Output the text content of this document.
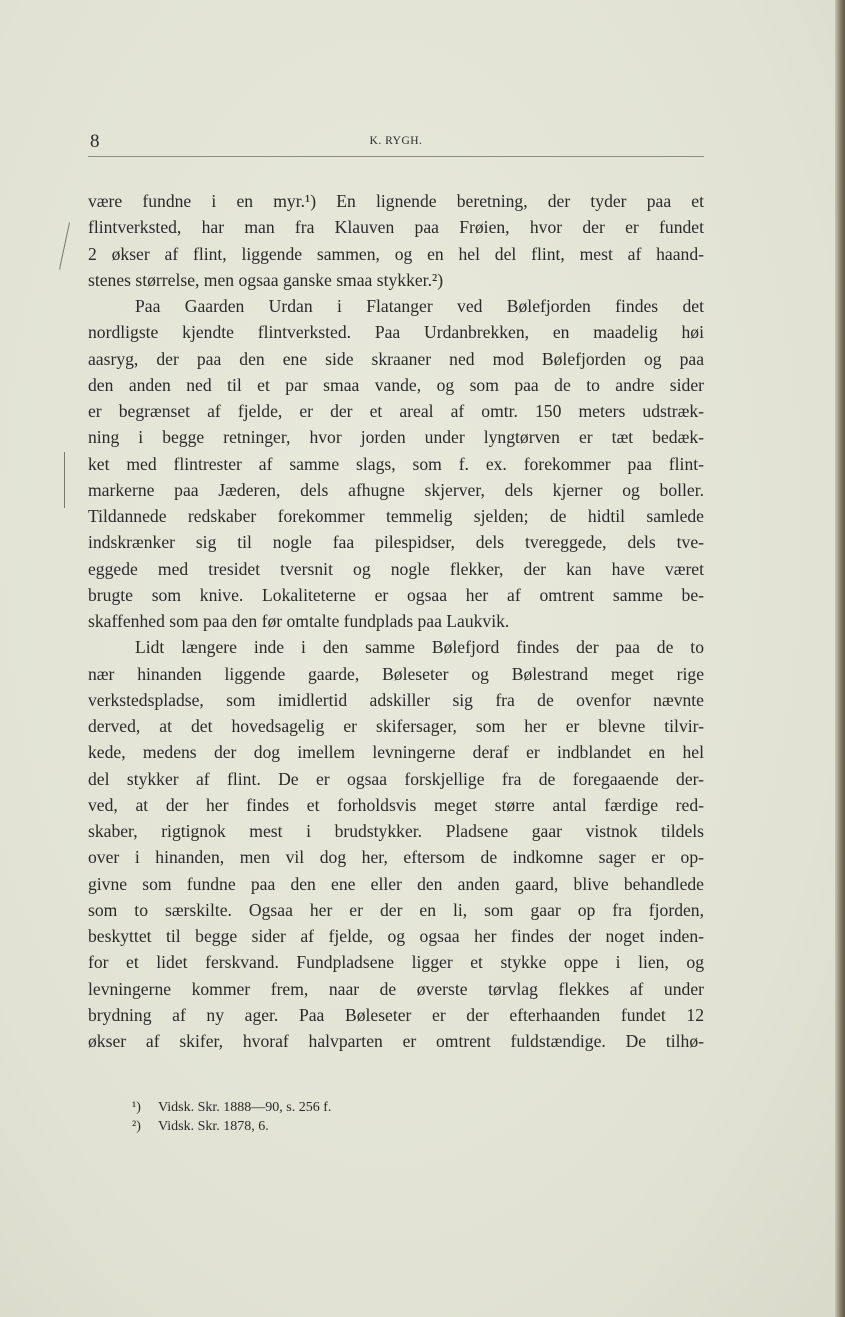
8	K. RYGH.
være fundne i en myr.¹) En lignende beretning, der tyder paa et
flintverksted, har man fra Klauven paa Frøien, hvor der er fundet
2 økser af flint, liggende sammen, og en hel del flint, mest af haand-
stenes størrelse, men ogsaa ganske smaa stykker.²)
Paa Gaarden Urdan i Flatanger ved Bølefjorden findes det
nordligste kjendte flintverksted. Paa Urdanbrekken, en maadelig høi
aasryg, der paa den ene side skraaner ned mod Bølefjorden og paa
den anden ned til et par smaa vande, og som paa de to andre sider
er begrænset af fjelde, er der et areal af omtr. 150 meters udstræk-
ning i begge retninger, hvor jorden under lyngtørven er tæt bedæk-
ket med flintrester af samme slags, som f. ex. forekommer paa flint-
markerne paa Jæderen, dels afhugne skjerver, dels kjerner og boller.
Tildannede redskaber forekommer temmelig sjelden; de hidtil samlede
indskrænker sig til nogle faa pilespidser, dels tvereggede, dels tve-
eggede med tresidet tversnit og nogle flekker, der kan have været
brugte som knive. Lokaliteterne er ogsaa her af omtrent samme be-
skaffenhed som paa den før omtalte fundplads paa Laukvik.
Lidt længere inde i den samme Bølefjord findes der paa de to
nær hinanden liggende gaarde, Bøleseter og Bølestrand meget rige
verkstedspladse, som imidlertid adskiller sig fra de ovenfor nævnte
derved, at det hovedsagelig er skifersager, som her er blevne tilvir-
kede, medens der dog imellem levningerne deraf er indblandet en hel
del stykker af flint. De er ogsaa forskjellige fra de foregaaende der-
ved, at der her findes et forholdsvis meget større antal færdige red-
skaber, rigtignok mest i brudstykker. Pladsene gaar vistnok tildels
over i hinanden, men vil dog her, eftersom de indkomne sager er op-
givne som fundne paa den ene eller den anden gaard, blive behandlede
som to særskilte. Ogsaa her er der en li, som gaar op fra fjorden,
beskyttet til begge sider af fjelde, og ogsaa her findes der noget inden-
for et lidet ferskvand. Fundpladsene ligger et stykke oppe i lien, og
levningerne kommer frem, naar de øverste tørvlag flekkes af under
brydning af ny ager. Paa Bøleseter er der efterhaanden fundet 12
økser af skifer, hvoraf halvparten er omtrent fuldstændige. De tilhø-
¹) Vidsk. Skr. 1888—90, s. 256 f.
²) Vidsk. Skr. 1878, 6.
